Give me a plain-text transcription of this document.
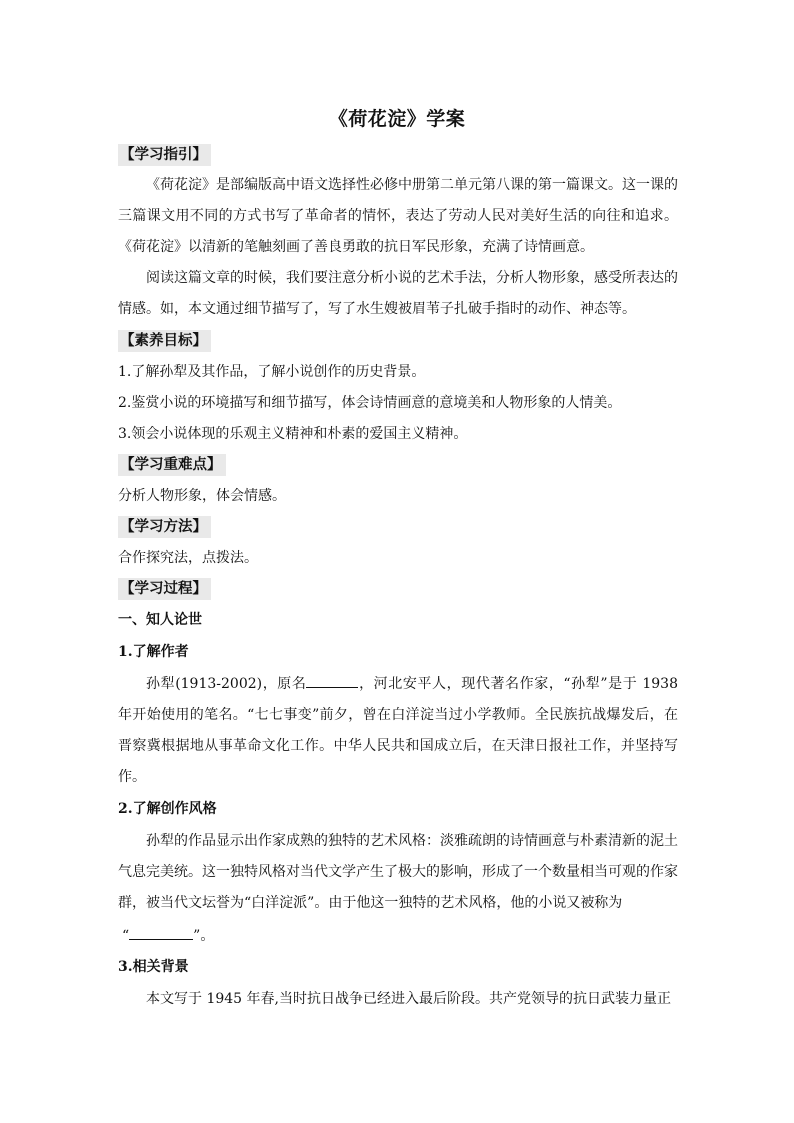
《荷花淀》学案
【学习指引】
《荷花淀》是部编版高中语文选择性必修中册第二单元第八课的第一篇课文。这一课的三篇课文用不同的方式书写了革命者的情怀，表达了劳动人民对美好生活的向往和追求。《荷花淀》以清新的笔触刻画了善良勇敢的抗日军民形象，充满了诗情画意。
阅读这篇文章的时候，我们要注意分析小说的艺术手法，分析人物形象，感受所表达的情感。如，本文通过细节描写了，写了水生嫂被眉苇子扎破手指时的动作、神态等。
【素养目标】
1.了解孙犁及其作品，了解小说创作的历史背景。
2.鉴赏小说的环境描写和细节描写，体会诗情画意的意境美和人物形象的人情美。
3.领会小说体现的乐观主义精神和朴素的爱国主义精神。
【学习重难点】
分析人物形象，体会情感。
【学习方法】
合作探究法，点拨法。
【学习过程】
一、知人论世
1.了解作者
孙犁(1913-2002)，原名	，河北安平人，现代著名作家，“孙犁”是于 1938 年开始使用的笔名。“七七事变”前夕，曾在白洋淀当过小学教师。全民族抗战爆发后，在晋察冀根据地从事革命文化工作。中华人民共和国成立后，在天津日报社工作，并坚持写作。
2.了解创作风格
孙犁的作品显示出作家成熟的独特的艺术风格：淡雅疏朗的诗情画意与朴素清新的泥土气息完美统。这一独特风格对当代文学产生了极大的影响，形成了一个数量相当可观的作家群，被当代文坛誉为“白洋淀派”。由于他这一独特的艺术风格，他的小说又被称为
“	”。
3.相关背景
本文写于 1945 年春,当时抗日战争已经进入最后阶段。共产党领导的抗日武装力量正
